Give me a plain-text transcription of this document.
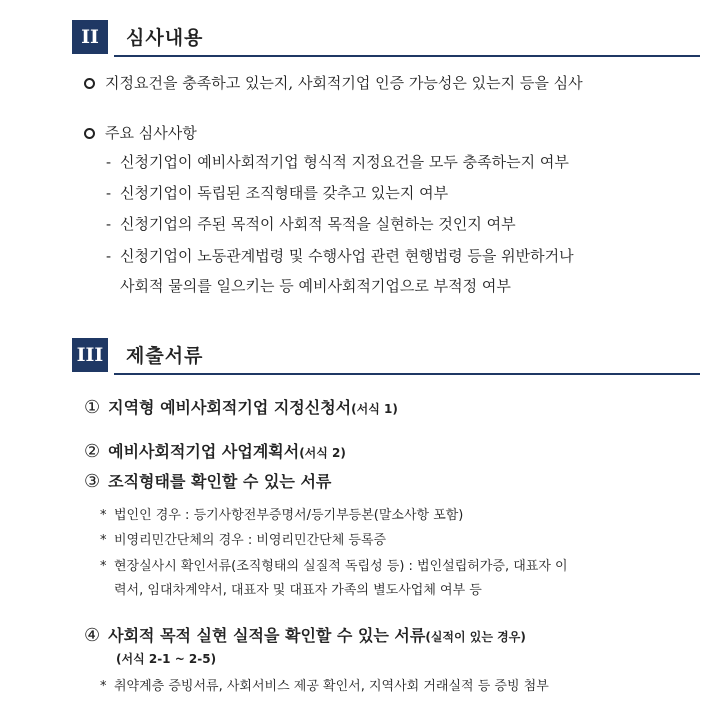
II	심사내용
지정요건을 충족하고 있는지, 사회적기업 인증 가능성은 있는지 등을 심사
주요 심사사항
- 신청기업이 예비사회적기업 형식적 지정요건을 모두 충족하는지 여부
- 신청기업이 독립된 조직형태를 갖추고 있는지 여부
- 신청기업의 주된 목적이 사회적 목적을 실현하는 것인지 여부
- 신청기업이 노동관계법령 및 수행사업 관련 현행법령 등을 위반하거나
사회적 물의를 일으키는 등 예비사회적기업으로 부적정 여부
III 제출서류
① 지역형 예비사회적기업 지정신청서(서식 1)
② 예비사회적기업 사업계획서(서식 2)
③ 조직형태를 확인할 수 있는 서류
* 법인인 경우 : 등기사항전부증명서/등기부등본(말소사항 포함)
* 비영리민간단체의 경우 : 비영리민간단체 등록증
* 현장실사시 확인서류(조직형태의 실질적 독립성 등) : 법인설립허가증, 대표자 이
력서, 임대차계약서, 대표자 및 대표자 가족의 별도사업체 여부 등
④ 사회적 목적 실현 실적을 확인할 수 있는 서류(실적이 있는 경우)
(서식 2-1 ~ 2-5)
* 취약계층 증빙서류, 사회서비스 제공 확인서, 지역사회 거래실적 등 증빙 첨부
